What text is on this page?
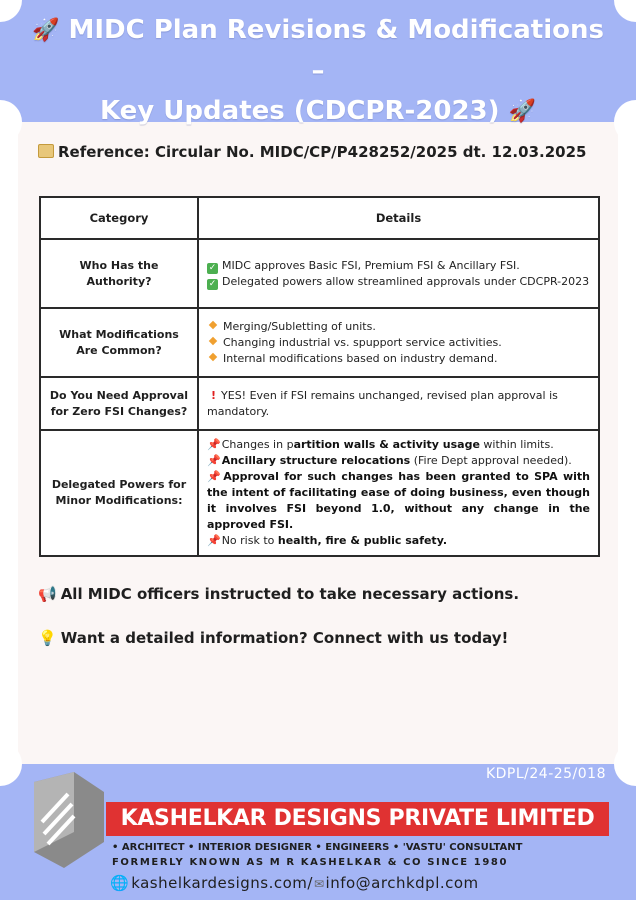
🚀 MIDC Plan Revisions & Modifications –
Key Updates (CDCPR-2023) 🚀
Reference: Circular No. MIDC/CP/P428252/2025 dt. 12.03.2025
Category	Details
Who Has the Authority?	✓ MIDC approves Basic FSI, Premium FSI & Ancillary FSI.
✓ Delegated powers allow streamlined approvals under CDCPR-2023

What Modifications Are Common?	Merging/Subletting of units.
Changing industrial vs. spupport service activities.
Internal modifications based on industry demand.

Do You Need Approval for Zero FSI Changes?	! YES! Even if FSI remains unchanged, revised plan approval is mandatory.

Delegated Powers for Minor Modifications:	📌Changes in partition walls & activity usage within limits.
📌Ancillary structure relocations (Fire Dept approval needed).
📌Approval for such changes has been granted to SPA with the intent of facilitating ease of doing business, even though it involves FSI beyond 1.0, without any change in the approved FSI.
📌No risk to health, fire & public safety.
📢 All MIDC officers instructed to take necessary actions.
💡 Want a detailed information? Connect with us today!
KDPL/24-25/018
KASHELKAR DESIGNS PRIVATE LIMITED
• ARCHITECT • INTERIOR DESIGNER • ENGINEERS • 'VASTU' CONSULTANT
FORMERLY KNOWN AS M R KASHELKAR & CO SINCE 1980
🌐 kashelkardesigns.com/✉info@archkdpl.com
